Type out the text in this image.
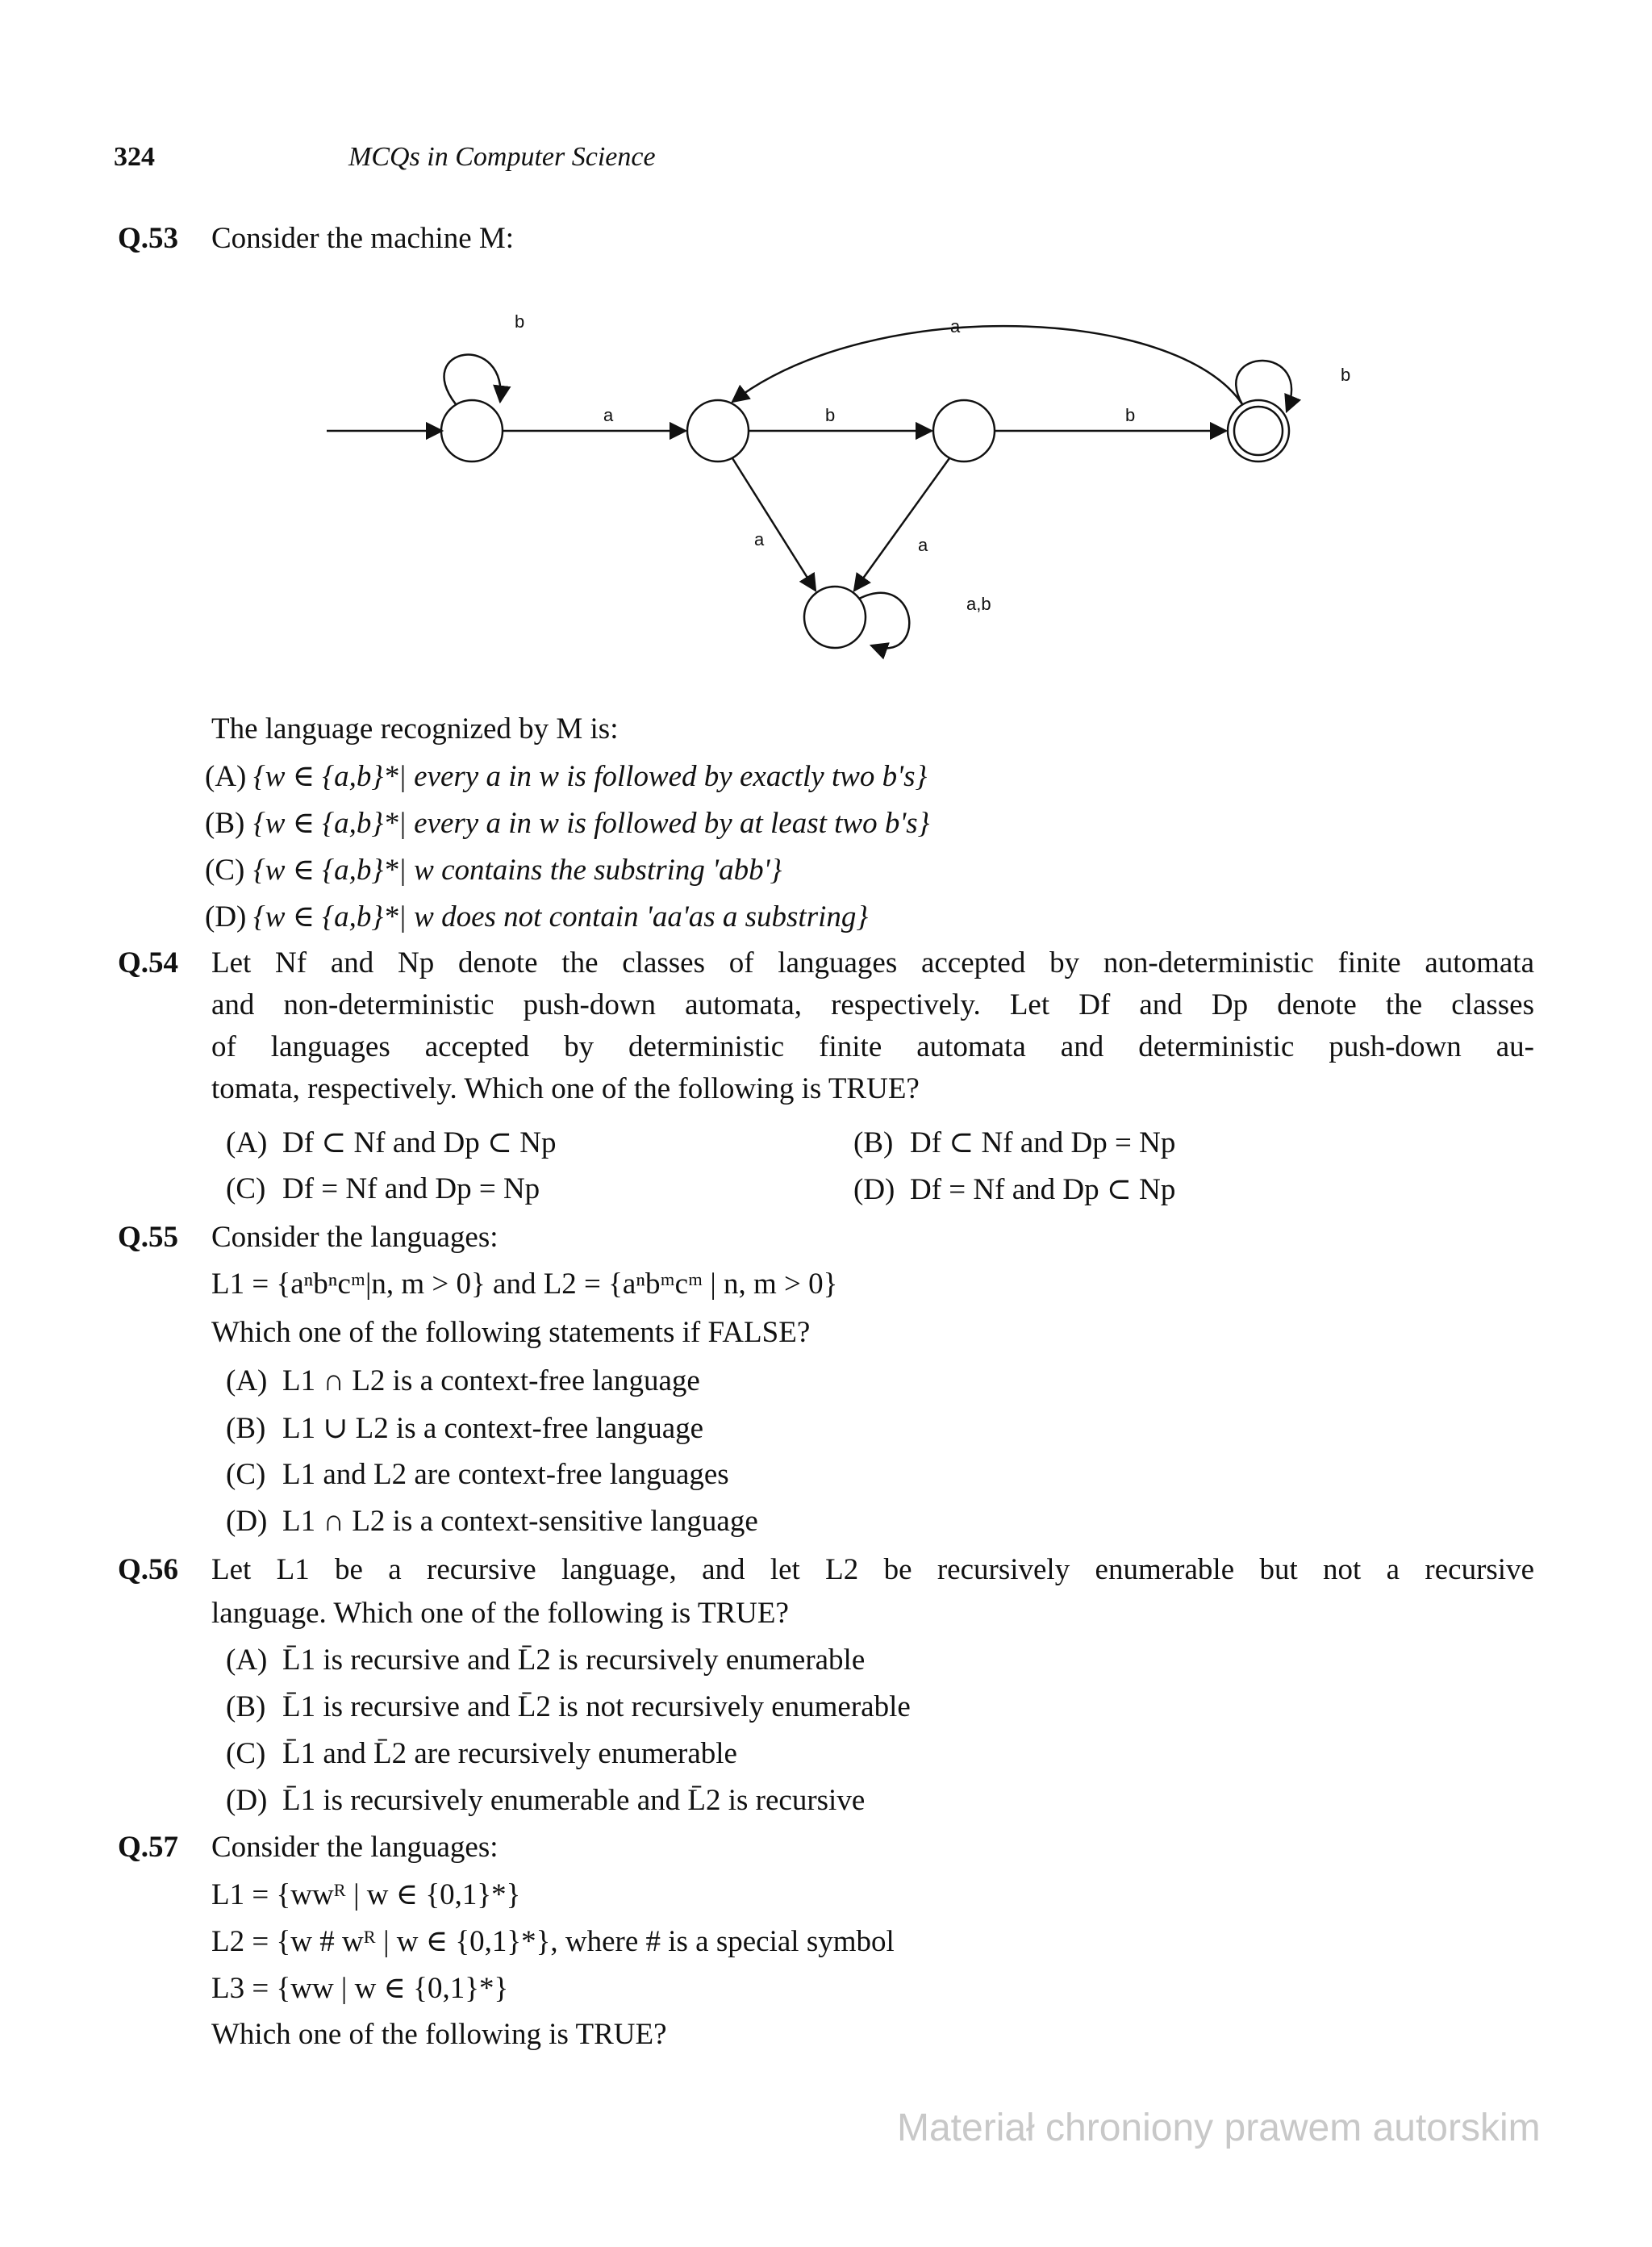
324	MCQs in Computer Science
Q.53 Consider the machine M:
b
a	b	b
a
b
a	a
a,b
The language recognized by M is:
(A) {w ∈ {a,b}*| every a in w is followed by exactly two b's}
(B) {w ∈ {a,b}*| every a in w is followed by at least two b's}
(C) {w ∈ {a,b}*| w contains the substring 'abb'}
(D) {w ∈ {a,b}*| w does not contain 'aa'as a substring}
Q.54 Let Nf and Np denote the classes of languages accepted by non-deterministic finite automata
and non-deterministic push-down automata, respectively. Let Df and Dp denote the classes
of languages accepted by deterministic finite automata and deterministic push-down au-
tomata, respectively. Which one of the following is TRUE?
(A) Df ⊂ Nf and Dp ⊂ Np	(B) Df ⊂ Nf and Dp = Np
(C) Df = Nf and Dp = Np	(D) Df = Nf and Dp ⊂ Np
Q.55 Consider the languages:
L1 = {aⁿbⁿcᵐ|n, m > 0} and L2 = {aⁿbᵐcᵐ | n, m > 0}
Which one of the following statements if FALSE?
(A) L1 ∩ L2 is a context-free language
(B) L1 ∪ L2 is a context-free language
(C) L1 and L2 are context-free languages
(D) L1 ∩ L2 is a context-sensitive language
Q.56 Let L1 be a recursive language, and let L2 be recursively enumerable but not a recursive
language. Which one of the following is TRUE?
(A) L̄1 is recursive and L̄2 is recursively enumerable
(B) L̄1 is recursive and L̄2 is not recursively enumerable
(C) L̄1 and L̄2 are recursively enumerable
(D) L̄1 is recursively enumerable and L̄2 is recursive
Q.57 Consider the languages:
L1 = {wwᴿ | w ∈ {0,1}*}
L2 = {w # wᴿ | w ∈ {0,1}*}, where # is a special symbol
L3 = {ww | w ∈ {0,1}*}
Which one of the following is TRUE?
Materiał chroniony prawem autorskim
